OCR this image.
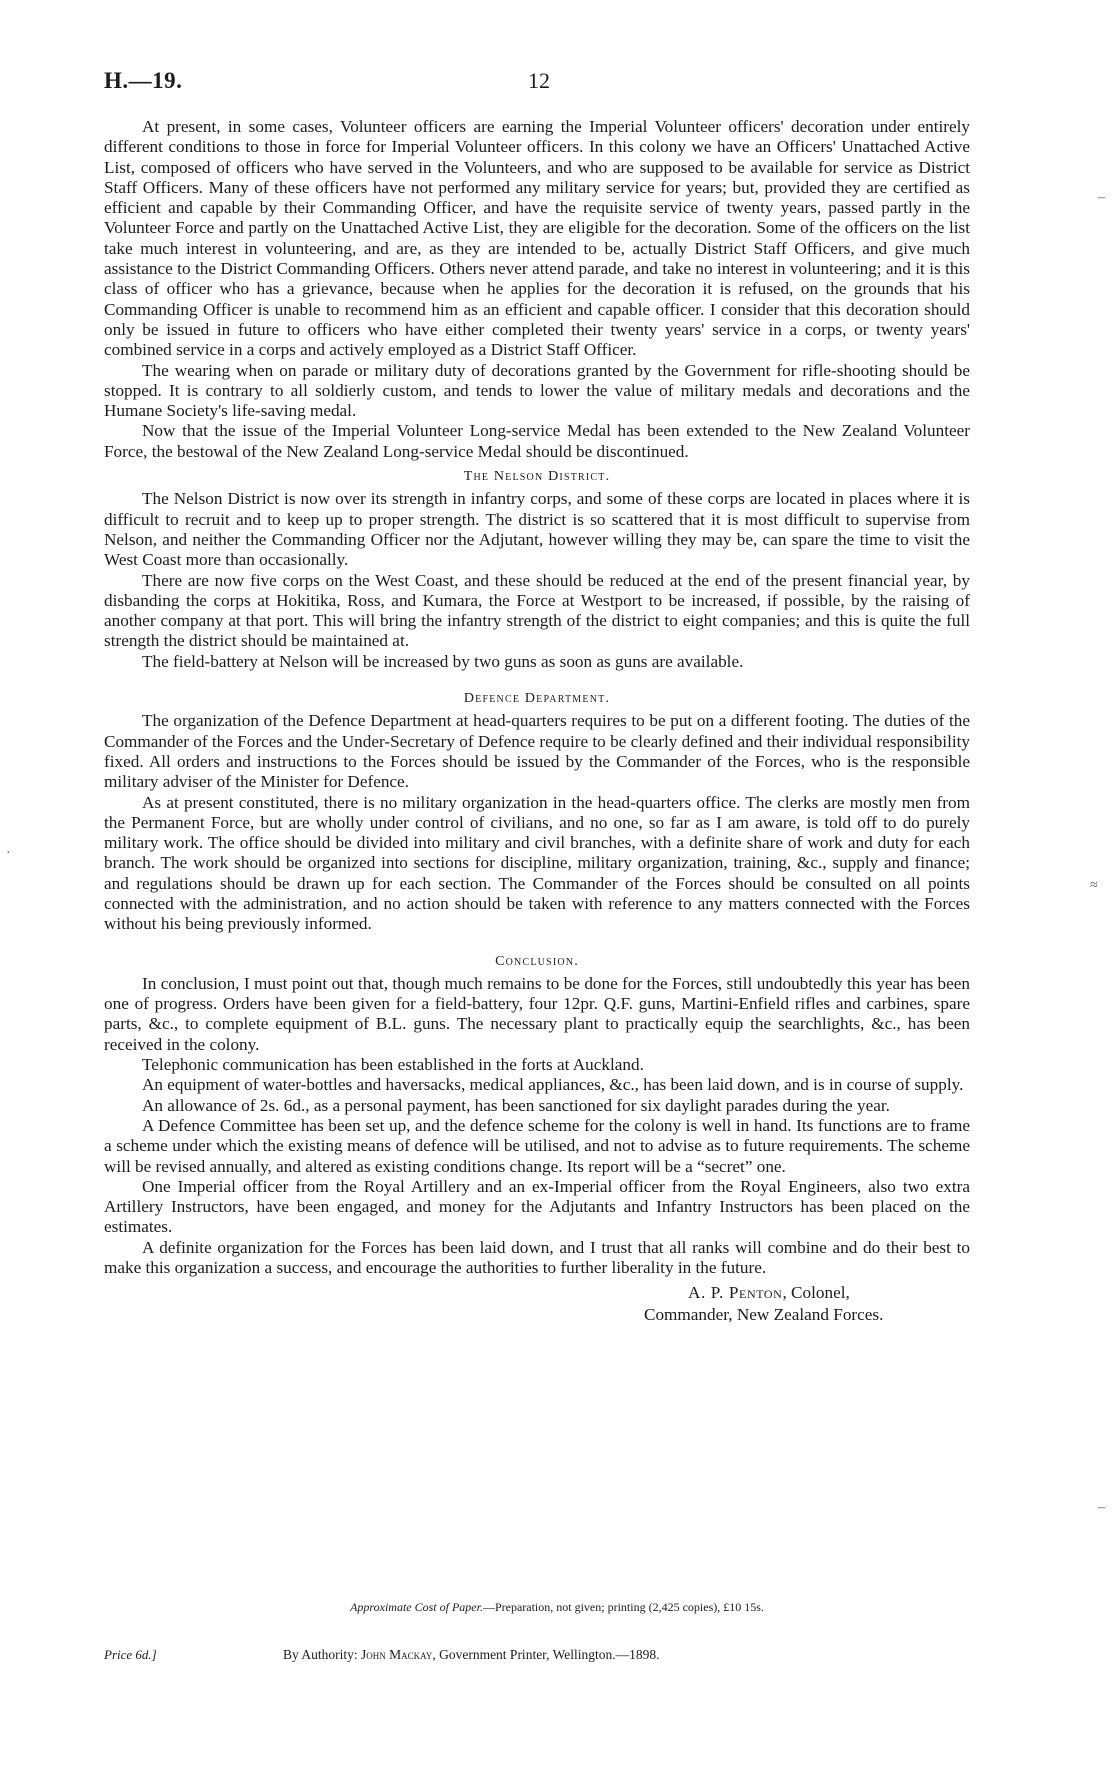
H.—19.	12

At present, in some cases, Volunteer officers are earning the Imperial Volunteer officers' decoration under entirely different conditions to those in force for Imperial Volunteer officers. In this colony we have an Officers' Unattached Active List, composed of officers who have served in the Volunteers, and who are supposed to be available for service as District Staff Officers. Many of these officers have not performed any military service for years; but, provided they are certified as efficient and capable by their Commanding Officer, and have the requisite service of twenty years, passed partly in the Volunteer Force and partly on the Unattached Active List, they are eligible for the decoration. Some of the officers on the list take much interest in volunteering, and are, as they are intended to be, actually District Staff Officers, and give much assistance to the District Commanding Officers. Others never attend parade, and take no interest in volunteering; and it is this class of officer who has a grievance, because when he applies for the decoration it is refused, on the grounds that his Commanding Officer is unable to recommend him as an efficient and capable officer. I consider that this decoration should only be issued in future to officers who have either completed their twenty years' service in a corps, or twenty years' combined service in a corps and actively employed as a District Staff Officer.

The wearing when on parade or military duty of decorations granted by the Government for rifle-shooting should be stopped. It is contrary to all soldierly custom, and tends to lower the value of military medals and decorations and the Humane Society's life-saving medal.

Now that the issue of the Imperial Volunteer Long-service Medal has been extended to the New Zealand Volunteer Force, the bestowal of the New Zealand Long-service Medal should be discontinued.

The Nelson District.

The Nelson District is now over its strength in infantry corps, and some of these corps are located in places where it is difficult to recruit and to keep up to proper strength. The district is so scattered that it is most difficult to supervise from Nelson, and neither the Commanding Officer nor the Adjutant, however willing they may be, can spare the time to visit the West Coast more than occasionally.

There are now five corps on the West Coast, and these should be reduced at the end of the present financial year, by disbanding the corps at Hokitika, Ross, and Kumara, the Force at Westport to be increased, if possible, by the raising of another company at that port. This will bring the infantry strength of the district to eight companies; and this is quite the full strength the district should be maintained at.

The field-battery at Nelson will be increased by two guns as soon as guns are available.

Defence Department.

The organization of the Defence Department at head-quarters requires to be put on a different footing. The duties of the Commander of the Forces and the Under-Secretary of Defence require to be clearly defined and their individual responsibility fixed. All orders and instructions to the Forces should be issued by the Commander of the Forces, who is the responsible military adviser of the Minister for Defence.

As at present constituted, there is no military organization in the head-quarters office. The clerks are mostly men from the Permanent Force, but are wholly under control of civilians, and no one, so far as I am aware, is told off to do purely military work. The office should be divided into military and civil branches, with a definite share of work and duty for each branch. The work should be organized into sections for discipline, military organization, training, &c., supply and finance; and regulations should be drawn up for each section. The Commander of the Forces should be consulted on all points connected with the administration, and no action should be taken with reference to any matters connected with the Forces without his being previously informed.

Conclusion.

In conclusion, I must point out that, though much remains to be done for the Forces, still undoubtedly this year has been one of progress. Orders have been given for a field-battery, four 12pr. Q.F. guns, Martini-Enfield rifles and carbines, spare parts, &c., to complete equipment of B.L. guns. The necessary plant to practically equip the searchlights, &c., has been received in the colony.

Telephonic communication has been established in the forts at Auckland.

An equipment of water-bottles and haversacks, medical appliances, &c., has been laid down, and is in course of supply.

An allowance of 2s. 6d., as a personal payment, has been sanctioned for six daylight parades during the year.

A Defence Committee has been set up, and the defence scheme for the colony is well in hand. Its functions are to frame a scheme under which the existing means of defence will be utilised, and not to advise as to future requirements. The scheme will be revised annually, and altered as existing conditions change. Its report will be a “secret” one.

One Imperial officer from the Royal Artillery and an ex-Imperial officer from the Royal Engineers, also two extra Artillery Instructors, have been engaged, and money for the Adjutants and Infantry Instructors has been placed on the estimates.

A definite organization for the Forces has been laid down, and I trust that all ranks will combine and do their best to make this organization a success, and encourage the authorities to further liberality in the future.

A. P. Penton, Colonel,
Commander, New Zealand Forces.
Approximate Cost of Paper.—Preparation, not given; printing (2,425 copies), £10 15s.
Price 6d.]	By Authority: John Mackay, Government Printer, Wellington.—1898.
–
·
≈
–
